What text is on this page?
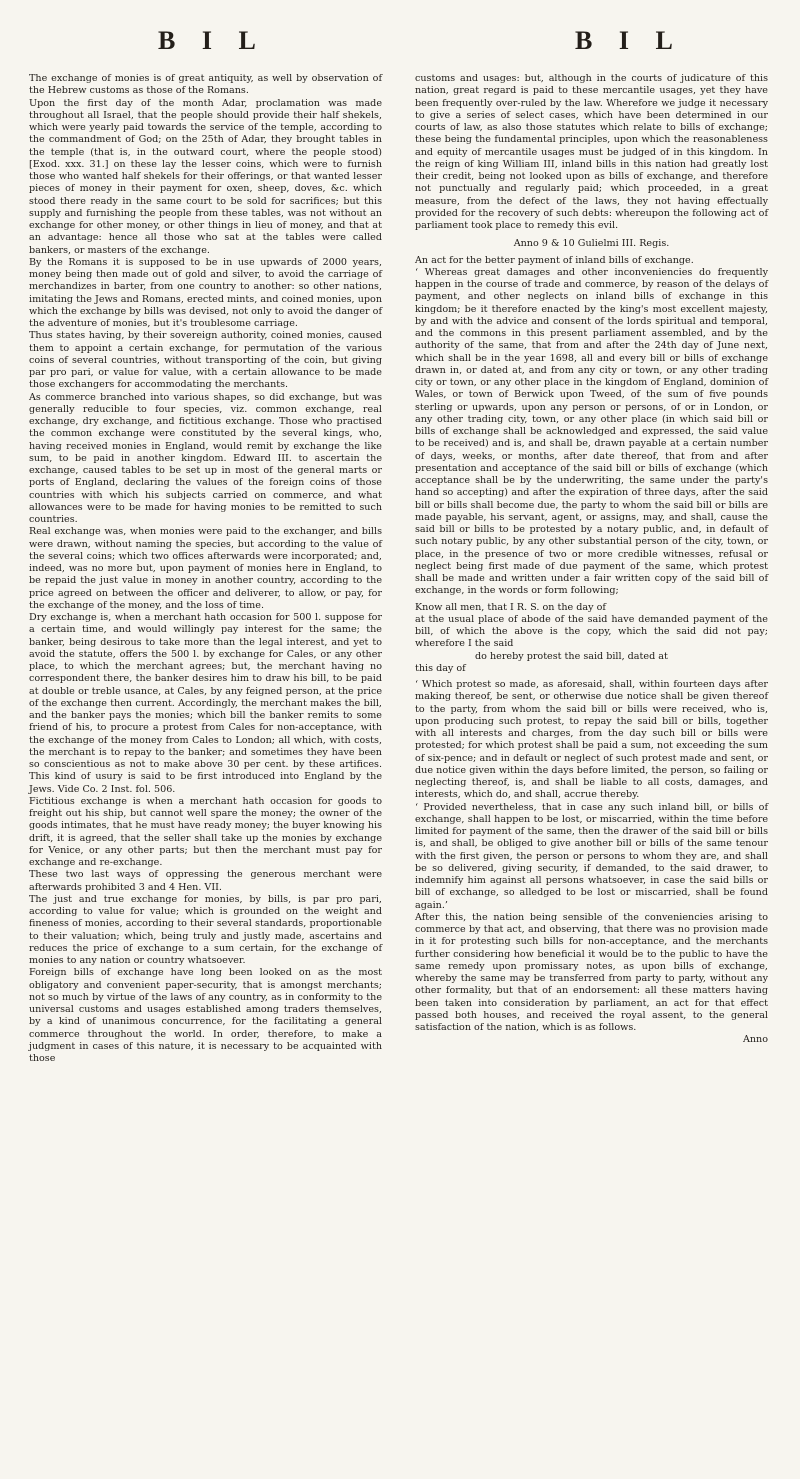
B I L	B I L

The exchange of monies is of great antiquity, as well by observation of the Hebrew customs as those of the Romans.

Upon the first day of the month Adar, proclamation was made throughout all Israel, that the people should provide their half shekels, which were yearly paid towards the service of the temple, according to the commandment of God; on the 25th of Adar, they brought tables in the temple (that is, in the outward court, where the people stood) [Exod. xxx. 31.] on these lay the lesser coins, which were to furnish those who wanted half shekels for their offerings, or that wanted lesser pieces of money in their payment for oxen, sheep, doves, &c. which stood there ready in the same court to be sold for sacrifices; but this supply and furnishing the people from these tables, was not without an exchange for other money, or other things in lieu of money, and that at an advantage: hence all those who sat at the tables were called bankers, or masters of the exchange.

By the Romans it is supposed to be in use upwards of 2000 years, money being then made out of gold and silver, to avoid the carriage of merchandizes in barter, from one country to another: so other nations, imitating the Jews and Romans, erected mints, and coined monies, upon which the exchange by bills was devised, not only to avoid the danger of the adventure of monies, but it's troublesome carriage.

Thus states having, by their sovereign authority, coined monies, caused them to appoint a certain exchange, for permutation of the various coins of several countries, without transporting of the coin, but giving par pro pari, or value for value, with a certain allowance to be made those exchangers for accommodating the merchants.

As commerce branched into various shapes, so did exchange, but was generally reducible to four species, viz. common exchange, real exchange, dry exchange, and fictitious exchange. Those who practised the common exchange were constituted by the several kings, who, having received monies in England, would remit by exchange the like sum, to be paid in another kingdom. Edward III. to ascertain the exchange, caused tables to be set up in most of the general marts or ports of England, declaring the values of the foreign coins of those countries with which his subjects carried on commerce, and what allowances were to be made for having monies to be remitted to such countries.

Real exchange was, when monies were paid to the exchanger, and bills were drawn, without naming the species, but according to the value of the several coins; which two offices afterwards were incorporated; and, indeed, was no more but, upon payment of monies here in England, to be repaid the just value in money in another country, according to the price agreed on between the officer and deliverer, to allow, or pay, for the exchange of the money, and the loss of time.

Dry exchange is, when a merchant hath occasion for 500 l. suppose for a certain time, and would willingly pay interest for the same; the banker, being desirous to take more than the legal interest, and yet to avoid the statute, offers the 500 l. by exchange for Cales, or any other place, to which the merchant agrees; but, the merchant having no correspondent there, the banker desires him to draw his bill, to be paid at double or treble usance, at Cales, by any feigned person, at the price of the exchange then current. Accordingly, the merchant makes the bill, and the banker pays the monies; which bill the banker remits to some friend of his, to procure a protest from Cales for non-acceptance, with the exchange of the money from Cales to London; all which, with costs, the merchant is to repay to the banker; and sometimes they have been so conscientious as not to make above 30 per cent. by these artifices. This kind of usury is said to be first introduced into England by the Jews. Vide Co. 2 Inst. fol. 506.

Fictitious exchange is when a merchant hath occasion for goods to freight out his ship, but cannot well spare the money; the owner of the goods intimates, that he must have ready money; the buyer knowing his drift, it is agreed, that the seller shall take up the monies by exchange for Venice, or any other parts; but then the merchant must pay for exchange and re-exchange.

These two last ways of oppressing the generous merchant were afterwards prohibited 3 and 4 Hen. VII.

The just and true exchange for monies, by bills, is par pro pari, according to value for value; which is grounded on the weight and fineness of monies, according to their several standards, proportionable to their valuation; which, being truly and justly made, ascertains and reduces the price of exchange to a sum certain, for the exchange of monies to any nation or country whatsoever.

Foreign bills of exchange have long been looked on as the most obligatory and convenient paper-security, that is amongst merchants; not so much by virtue of the laws of any country, as in conformity to the universal customs and usages established among traders themselves, by a kind of unanimous concurrence, for the facilitating a general commerce throughout the world. In order, therefore, to make a judgment in cases of this nature, it is necessary to be acquainted with those

customs and usages: but, although in the courts of judicature of this nation, great regard is paid to these mercantile usages, yet they have been frequently over-ruled by the law. Wherefore we judge it necessary to give a series of select cases, which have been determined in our courts of law, as also those statutes which relate to bills of exchange; these being the fundamental principles, upon which the reasonableness and equity of mercantile usages must be judged of in this kingdom. In the reign of king William III, inland bills in this nation had greatly lost their credit, being not looked upon as bills of exchange, and therefore not punctually and regularly paid; which proceeded, in a great measure, from the defect of the laws, they not having effectually provided for the recovery of such debts: whereupon the following act of parliament took place to remedy this evil.

Anno 9 & 10 Gulielmi III. Regis.

An act for the better payment of inland bills of exchange.

‘ Whereas great damages and other inconveniencies do frequently happen in the course of trade and commerce, by reason of the delays of payment, and other neglects on inland bills of exchange in this kingdom; be it therefore enacted by the king's most excellent majesty, by and with the advice and consent of the lords spiritual and temporal, and the commons in this present parliament assembled, and by the authority of the same, that from and after the 24th day of June next, which shall be in the year 1698, all and every bill or bills of exchange drawn in, or dated at, and from any city or town, or any other trading city or town, or any other place in the kingdom of England, dominion of Wales, or town of Berwick upon Tweed, of the sum of five pounds sterling or upwards, upon any person or persons, of or in London, or any other trading city, town, or any other place (in which said bill or bills of exchange shall be acknowledged and expressed, the said value to be received) and is, and shall be, drawn payable at a certain number of days, weeks, or months, after date thereof, that from and after presentation and acceptance of the said bill or bills of exchange (which acceptance shall be by the underwriting, the same under the party's hand so accepting) and after the expiration of three days, after the said bill or bills shall become due, the party to whom the said bill or bills are made payable, his servant, agent, or assigns, may, and shall, cause the said bill or bills to be protested by a notary public, and, in default of such notary public, by any other substantial person of the city, town, or place, in the presence of two or more credible witnesses, refusal or neglect being first made of due payment of the same, which protest shall be made and written under a fair written copy of the said bill of exchange, in the words or form following;

Know all men, that I R. S. on the day of

at the usual place of abode of the said have demanded payment of the bill, of which the above is the copy, which the said did not pay; wherefore I the said

do hereby protest the said bill, dated at

this day of

‘ Which protest so made, as aforesaid, shall, within fourteen days after making thereof, be sent, or otherwise due notice shall be given thereof to the party, from whom the said bill or bills were received, who is, upon producing such protest, to repay the said bill or bills, together with all interests and charges, from the day such bill or bills were protested; for which protest shall be paid a sum, not exceeding the sum of six-pence; and in default or neglect of such protest made and sent, or due notice given within the days before limited, the person, so failing or neglecting thereof, is, and shall be liable to all costs, damages, and interests, which do, and shall, accrue thereby.

‘ Provided nevertheless, that in case any such inland bill, or bills of exchange, shall happen to be lost, or miscarried, within the time before limited for payment of the same, then the drawer of the said bill or bills is, and shall, be obliged to give another bill or bills of the same tenour with the first given, the person or persons to whom they are, and shall be so delivered, giving security, if demanded, to the said drawer, to indemnify him against all persons whatsoever, in case the said bills or bill of exchange, so alledged to be lost or miscarried, shall be found again.’

After this, the nation being sensible of the conveniencies arising to commerce by that act, and observing, that there was no provision made in it for protesting such bills for non-acceptance, and the merchants further considering how beneficial it would be to the public to have the same remedy upon promissary notes, as upon bills of exchange, whereby the same may be transferred from party to party, without any other formality, but that of an endorsement: all these matters having been taken into consideration by parliament, an act for that effect passed both houses, and received the royal assent, to the general satisfaction of the nation, which is as follows.

Anno
